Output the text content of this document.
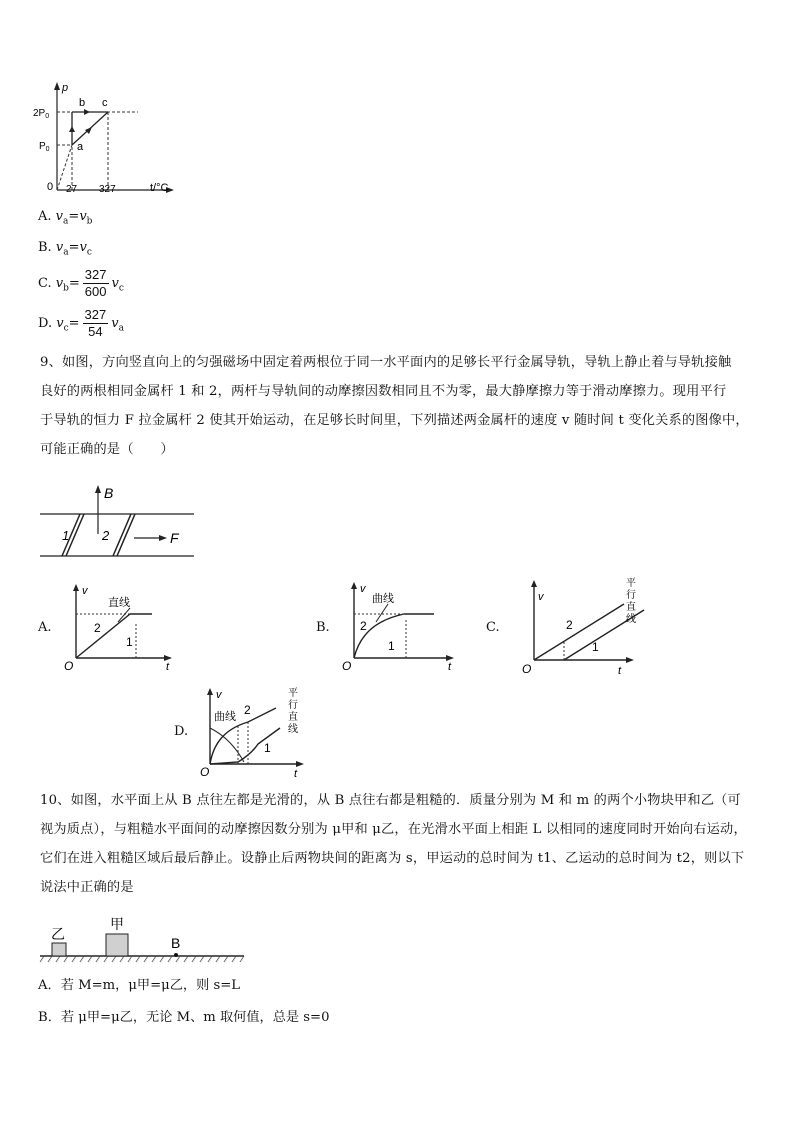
p
$2P_0$
$P_0$
0 27 327	t/°C
a
b c
A. $v_a=v_b$
B. $v_a=v_c$
C. $v_b= \frac{327}{600} v_c$
D. $v_c= \frac{327}{54} v_a$
9、如图，方向竖直向上的匀强磁场中固定着两根位于同一水平面内的足够长平行金属导轨，导轨上静止着与导轨接触
良好的两根相同金属杆 1 和 2，两杆与导轨间的动摩擦因数相同且不为零，最大静摩擦力等于滑动摩擦力。现用平行
于导轨的恒力 F 拉金属杆 2 使其开始运动，在足够长时间里，下列描述两金属杆的速度 v 随时间 t 变化关系的图像中，
可能正确的是（　　）
B
F
1	2
A.
v
O	t
2
1
直线
B.
v
O	t
2
1
曲线
C.
v
O	t
2
1
平
行
直
线
D.
v
O	t
2
1
曲线
平
行
直
线
10、如图，水平面上从 B 点往左都是光滑的，从 B 点往右都是粗糙的．质量分别为 M 和 m 的两个小物块甲和乙（可
视为质点），与粗糙水平面间的动摩擦因数分别为 μ甲和 μ乙，在光滑水平面上相距 L 以相同的速度同时开始向右运动，
它们在进入粗糙区域后最后静止。设静止后两物块间的距离为 s，甲运动的总时间为 t1、乙运动的总时间为 t2，则以下
说法中正确的是
乙
甲
B
A．若 M=m，μ甲=μ乙，则 s=L
B．若 μ甲=μ乙，无论 M、m 取何值，总是 s=0
